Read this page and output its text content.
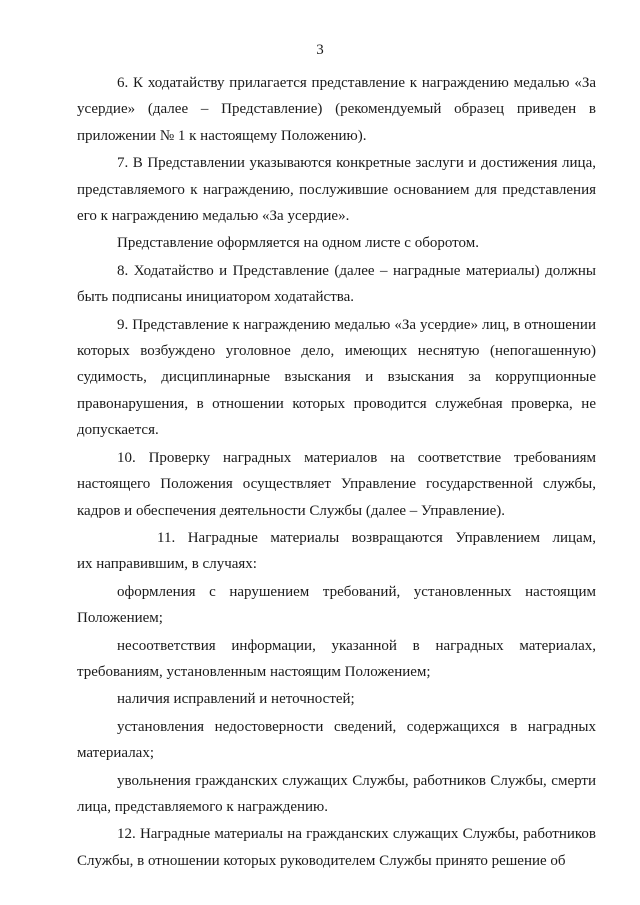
3

6. К ходатайству прилагается представление к награждению медалью «За усердие» (далее – Представление) (рекомендуемый образец приведен в приложении № 1 к настоящему Положению).

7. В Представлении указываются конкретные заслуги и достижения лица, представляемого к награждению, послужившие основанием для представления его к награждению медалью «За усердие».

Представление оформляется на одном листе с оборотом.

8. Ходатайство и Представление (далее – наградные материалы) должны быть подписаны инициатором ходатайства.

9. Представление к награждению медалью «За усердие» лиц, в отношении которых возбуждено уголовное дело, имеющих неснятую (непогашенную) судимость, дисциплинарные взыскания и взыскания за коррупционные правонарушения, в отношении которых проводится служебная проверка, не допускается.

10. Проверку наградных материалов на соответствие требованиям настоящего Положения осуществляет Управление государственной службы, кадров и обеспечения деятельности Службы (далее – Управление).

11. Наградные материалы возвращаются Управлением лицам,

их направившим, в случаях:

оформления с нарушением требований, установленных настоящим Положением;

несоответствия информации, указанной в наградных материалах, требованиям, установленным настоящим Положением;

наличия исправлений и неточностей;

установления недостоверности сведений, содержащихся в наградных материалах;

увольнения гражданских служащих Службы, работников Службы, смерти лица, представляемого к награждению.

12. Наградные материалы на гражданских служащих Службы, работников Службы, в отношении которых руководителем Службы принято решение об
